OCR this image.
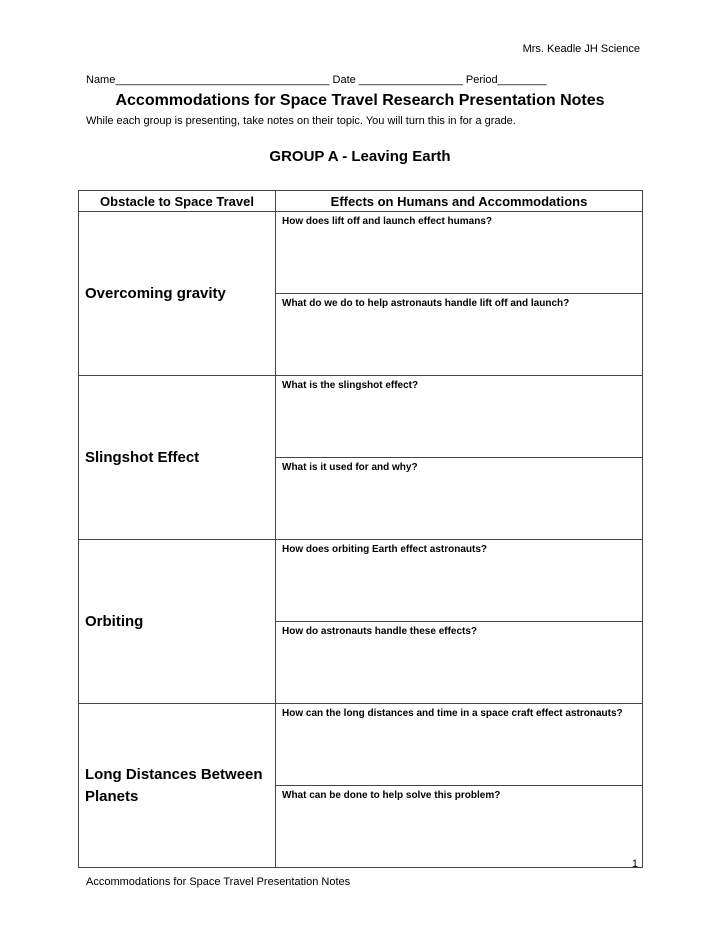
Mrs. Keadle JH Science
Name___________________________________ Date _________________ Period________
Accommodations for Space Travel Research Presentation Notes
While each group is presenting, take notes on their topic. You will turn this in for a grade.
GROUP A - Leaving Earth
Obstacle to Space Travel	Effects on Humans and Accommodations
Overcoming gravity	How does lift off and launch effect humans?
	What do we do to help astronauts handle lift off and launch?
Slingshot Effect	What is the slingshot effect?
	What is it used for and why?
Orbiting	How does orbiting Earth effect astronauts?
	How do astronauts handle these effects?
Long Distances Between Planets	How can the long distances and time in a space craft effect astronauts?
	What can be done to help solve this problem?
1
Accommodations for Space Travel Presentation Notes
